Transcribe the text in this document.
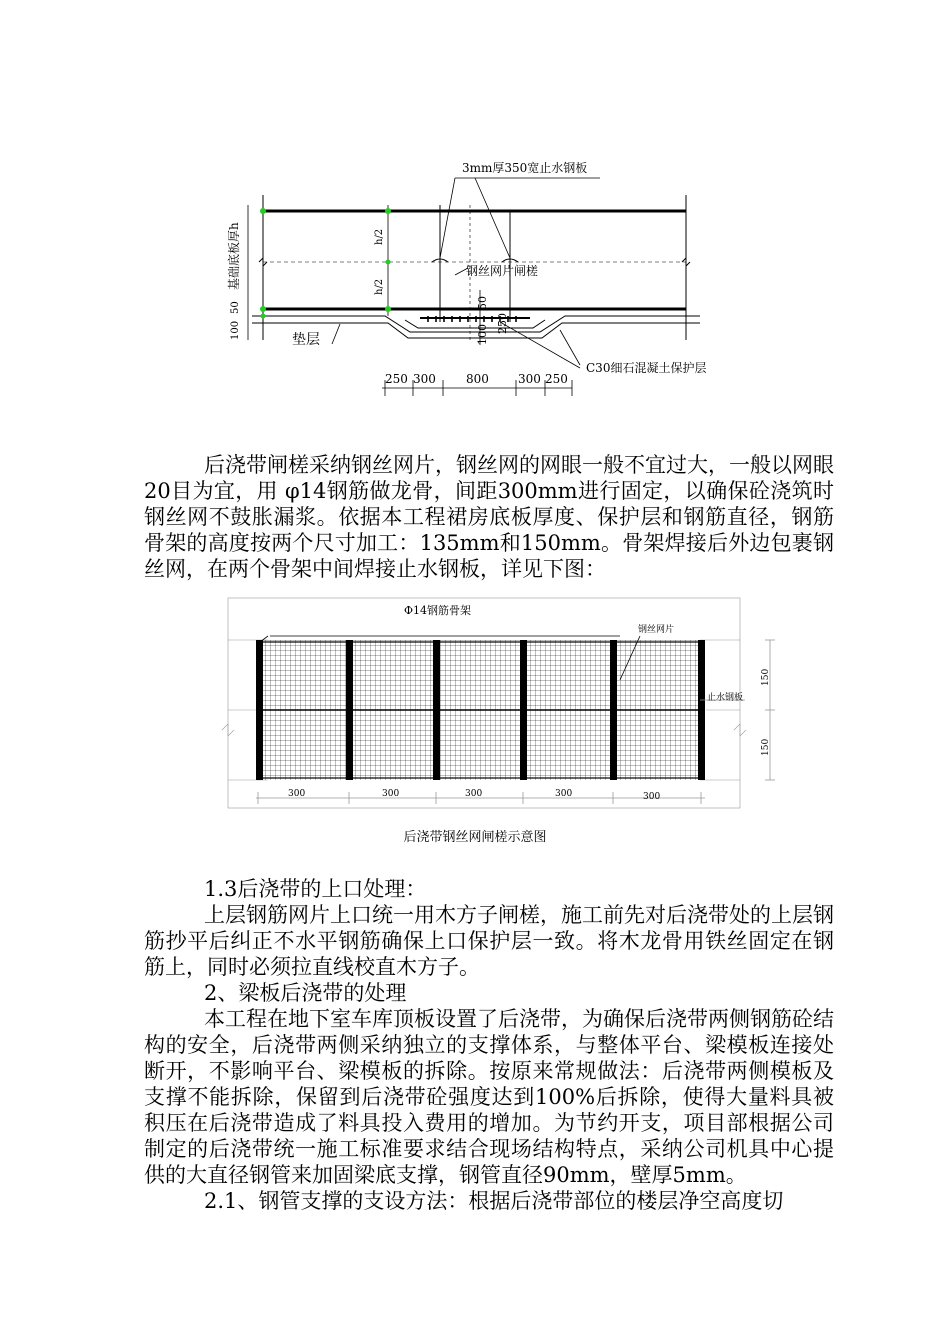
3mm厚350宽止水钢板
钢丝网片闸槎
基础底板厚h	h/2
h/2
50
100	垫层
50
250
100
C30细石混凝土保护层
250 300	800 300 250

后浇带闸槎采纳钢丝网片，钢丝网的网眼一般不宜过大，一般以网眼20目为宜，用 φ14钢筋做龙骨，间距300mm进行固定，以确保砼浇筑时钢丝网不鼓胀漏浆。依据本工程裙房底板厚度、保护层和钢筋直径，钢筋骨架的高度按两个尺寸加工：135mm和150mm。骨架焊接后外边包裹钢丝网，在两个骨架中间焊接止水钢板，详见下图：

Φ14钢筋骨架
钢丝网片
止水钢板
150
150
300	300	300	300	300
后浇带钢丝网闸槎示意图

1.3后浇带的上口处理：

上层钢筋网片上口统一用木方子闸槎，施工前先对后浇带处的上层钢筋抄平后纠正不水平钢筋确保上口保护层一致。将木龙骨用铁丝固定在钢筋上，同时必须拉直线校直木方子。

2、梁板后浇带的处理

本工程在地下室车库顶板设置了后浇带，为确保后浇带两侧钢筋砼结构的安全，后浇带两侧采纳独立的支撑体系，与整体平台、梁模板连接处断开，不影响平台、梁模板的拆除。按原来常规做法：后浇带两侧模板及支撑不能拆除，保留到后浇带砼强度达到100%后拆除，使得大量料具被积压在后浇带造成了料具投入费用的增加。为节约开支，项目部根据公司制定的后浇带统一施工标准要求结合现场结构特点，采纳公司机具中心提供的大直径钢管来加固梁底支撑，钢管直径90mm，壁厚5mm。

2.1、钢管支撑的支设方法：根据后浇带部位的楼层净空高度切
